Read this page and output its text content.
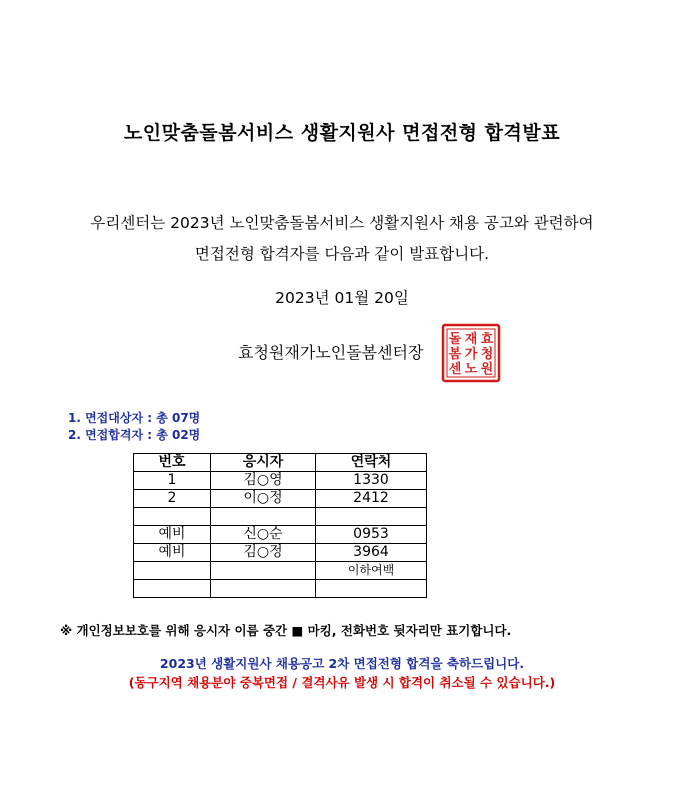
노인맞춤돌봄서비스 생활지원사 면접전형 합격발표
우리센터는 2023년 노인맞춤돌봄서비스 생활지원사 채용 공고와 관련하여
면접전형 합격자를 다음과 같이 발표합니다.
2023년 01월 20일
효청원재가노인돌봄센터장
효
청
원
재
가
노
돌
봄
센
1. 면접대상자 : 총 07명
2. 면접합격자 : 총 02명
번호	응시자	연락처
1	김○영	1330
2	이○정	2412

예비	신○순	0953
예비	김○정	3964
		이하여백

※ 개인정보보호를 위해 응시자 이름 중간 ■ 마킹, 전화번호 뒷자리만 표기합니다.
2023년 생활지원사 채용공고 2차 면접전형 합격을 축하드립니다.
(동구지역 채용분야 중복면접 / 결격사유 발생 시 합격이 취소될 수 있습니다.)
